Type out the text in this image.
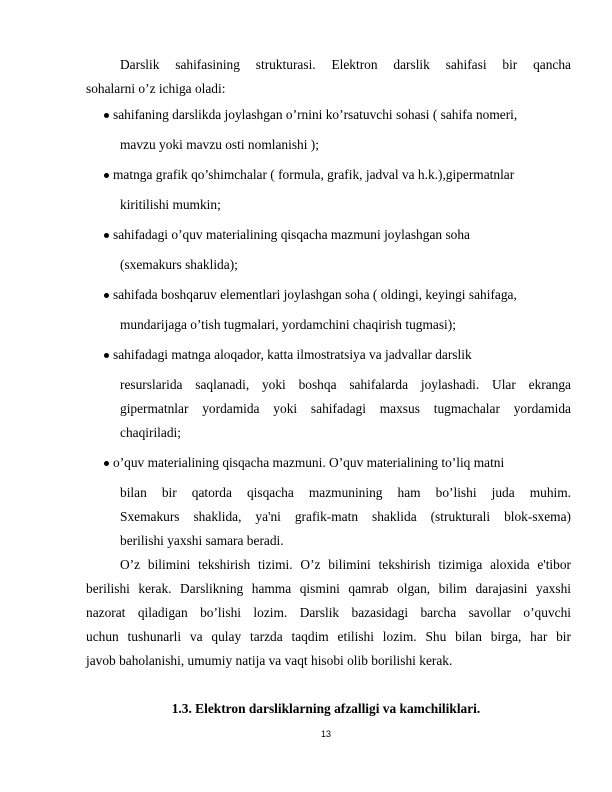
Darslik sahifasining strukturasi. Elektron darslik sahifasi bir qancha
sohalarni o’z ichiga oladi:
sahifaning darslikda joylashgan o’rnini ko’rsatuvchi sohasi ( sahifa nomeri,
mavzu yoki mavzu osti nomlanishi );
matnga grafik qo’shimchalar ( formula, grafik, jadval va h.k.),gipermatnlar
kiritilishi mumkin;
sahifadagi o’quv materialining qisqacha mazmuni joylashgan soha
(sxemakurs shaklida);
sahifada boshqaruv elementlari joylashgan soha ( oldingi, keyingi sahifaga,
mundarijaga o’tish tugmalari, yordamchini chaqirish tugmasi);
sahifadagi matnga aloqador, katta ilmostratsiya va jadvallar darslik
resurslarida saqlanadi, yoki boshqa sahifalarda joylashadi. Ular ekranga
gipermatnlar yordamida yoki sahifadagi maxsus tugmachalar yordamida
chaqiriladi;
o’quv materialining qisqacha mazmuni. O’quv materialining to’liq matni
bilan bir qatorda qisqacha mazmunining ham bo’lishi juda muhim.
Sxemakurs shaklida, ya'ni grafik-matn shaklida (strukturali blok-sxema)
berilishi yaxshi samara beradi.
O’z bilimini tekshirish tizimi. O’z bilimini tekshirish tizimiga aloxida e'tibor
berilishi kerak. Darslikning hamma qismini qamrab olgan, bilim darajasini yaxshi
nazorat qiladigan bo’lishi lozim. Darslik bazasidagi barcha savollar o’quvchi
uchun tushunarli va qulay tarzda taqdim etilishi lozim. Shu bilan birga, har bir
javob baholanishi, umumiy natija va vaqt hisobi olib borilishi kerak.
1.3. Elektron darsliklarning afzalligi va kamchiliklari.
13
